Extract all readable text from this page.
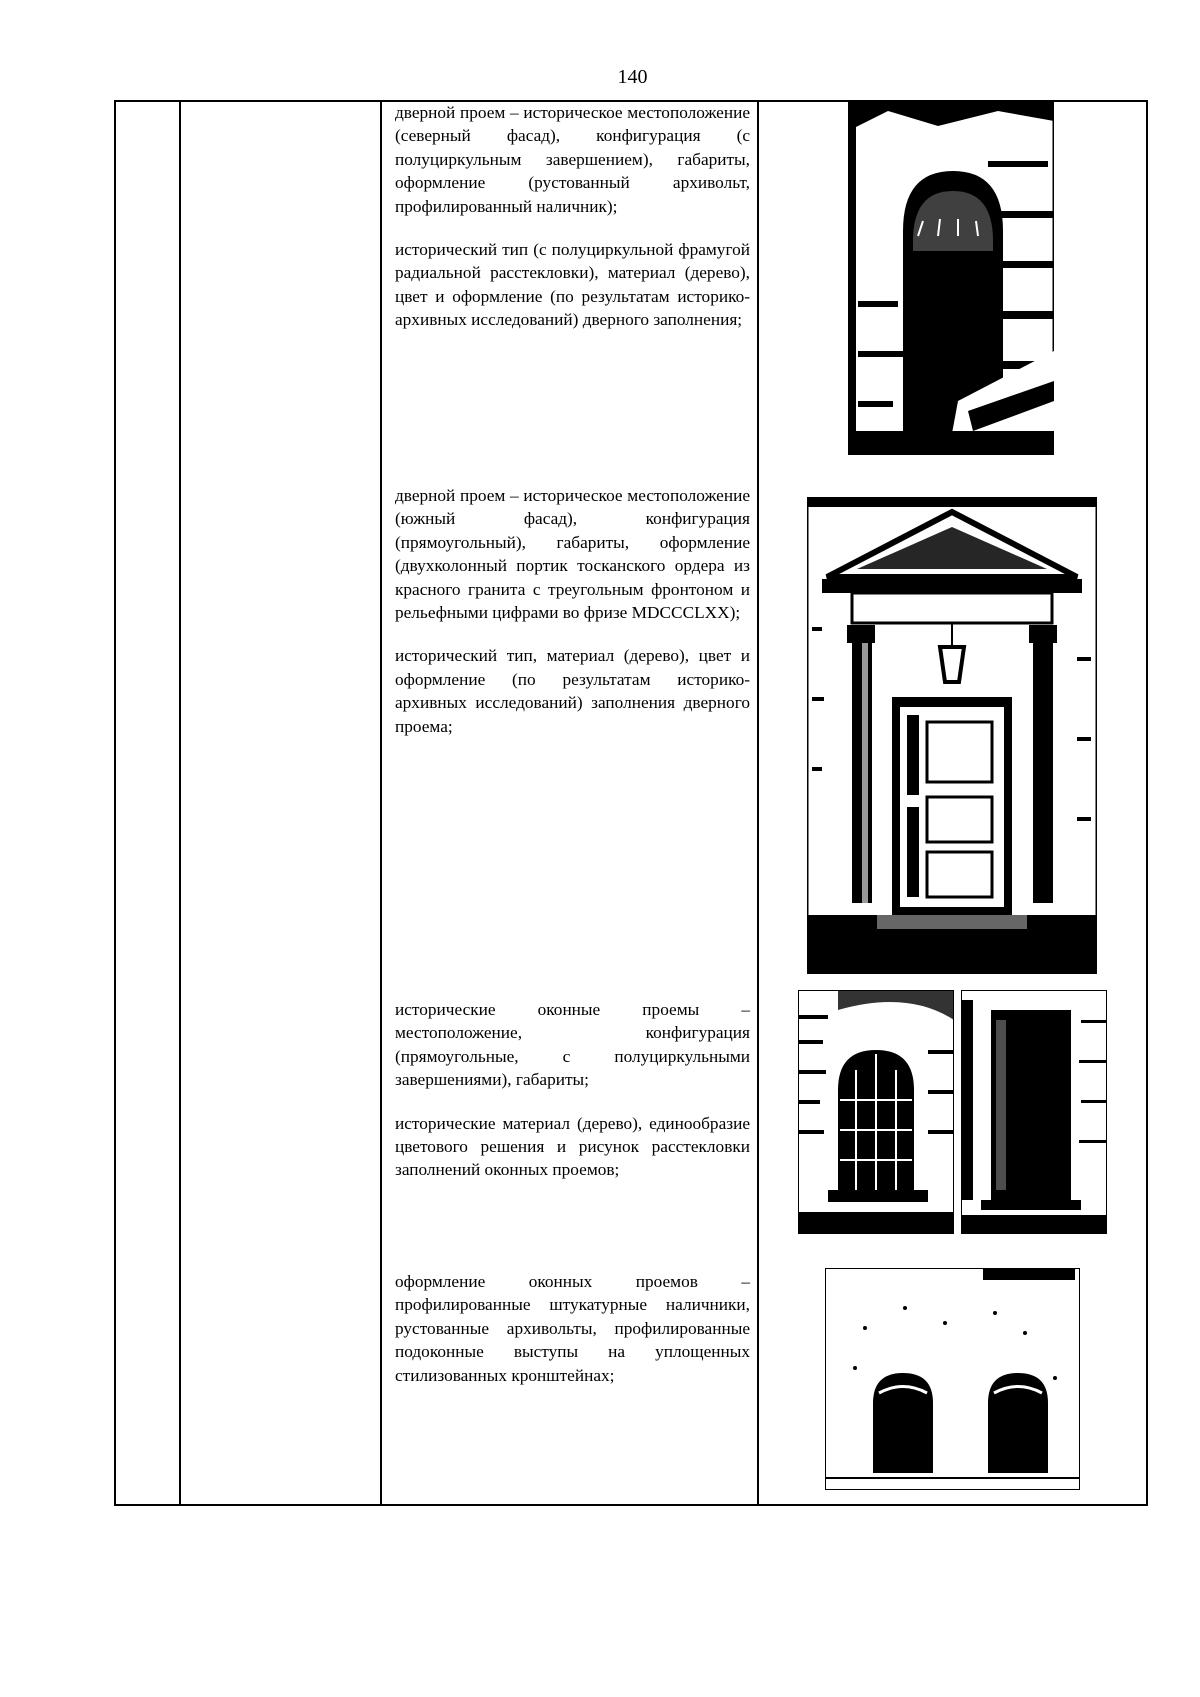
140

дверной проем – историческое местоположение (северный фасад), конфигурация (с полуциркульным завершением), габариты, оформление (рустованный архивольт, профилированный наличник);

исторический тип (с полуциркульной фрамугой радиальной расстекловки), материал (дерево), цвет и оформление (по результатам историко-архивных исследований) дверного заполнения;

дверной проем – историческое местоположение (южный фасад), конфигурация (прямоугольный), габариты, оформление (двухколонный портик тосканского ордера из красного гранита с треугольным фронтоном и рельефными цифрами во фризе MDCCCLXX);

исторический тип, материал (дерево), цвет и оформление (по результатам историко-архивных исследований) заполнения дверного проема;

исторические оконные проемы – местоположение, конфигурация (прямоугольные, с полуциркульными завершениями), габариты;

исторические материал (дерево), единообразие цветового решения и рисунок расстекловки заполнений оконных проемов;

оформление оконных проемов – профилированные штукатурные наличники, рустованные архивольты, профилированные подоконные выступы на уплощенных стилизованных кронштейнах;
